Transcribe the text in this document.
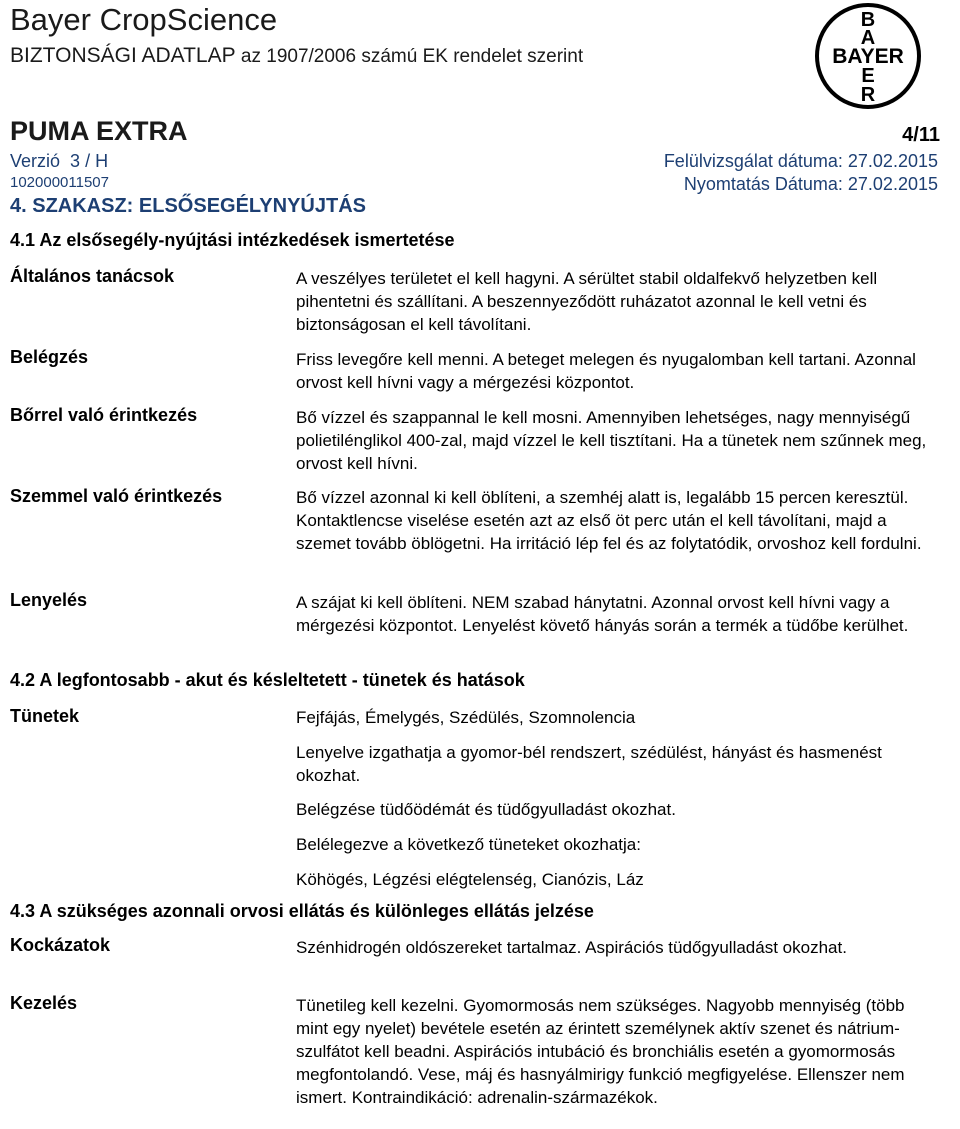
Bayer CropScience
BIZTONSÁGI ADATLAP az 1907/2006 számú EK rendelet szerint
B
A
BAYER
E
R
PUMA EXTRA	4/11
Verzió 3 / H	Felülvizsgálat dátuma: 27.02.2015
102000011507	Nyomtatás Dátuma: 27.02.2015
4. SZAKASZ: ELSŐSEGÉLYNYÚJTÁS
4.1 Az elsősegély-nyújtási intézkedések ismertetése
Általános tanácsok	A veszélyes területet el kell hagyni. A sérültet stabil oldalfekvő helyzetben kell pihentetni és szállítani. A beszennyeződött ruházatot azonnal le kell vetni és biztonságosan el kell távolítani.
Belégzés	Friss levegőre kell menni. A beteget melegen és nyugalomban kell tartani. Azonnal orvost kell hívni vagy a mérgezési központot.
Bőrrel való érintkezés	Bő vízzel és szappannal le kell mosni. Amennyiben lehetséges, nagy mennyiségű polietilénglikol 400-zal, majd vízzel le kell tisztítani. Ha a tünetek nem szűnnek meg, orvost kell hívni.
Szemmel való érintkezés	Bő vízzel azonnal ki kell öblíteni, a szemhéj alatt is, legalább 15 percen keresztül. Kontaktlencse viselése esetén azt az első öt perc után el kell távolítani, majd a szemet tovább öblögetni. Ha irritáció lép fel és az folytatódik, orvoshoz kell fordulni.
Lenyelés	A szájat ki kell öblíteni. NEM szabad hánytatni. Azonnal orvost kell hívni vagy a mérgezési központot. Lenyelést követő hányás során a termék a tüdőbe kerülhet.
4.2 A legfontosabb - akut és késleltetett - tünetek és hatások
Tünetek	Fejfájás, Émelygés, Szédülés, Szomnolencia
Lenyelve izgathatja a gyomor-bél rendszert, szédülést, hányást és hasmenést okozhat.
Belégzése tüdőödémát és tüdőgyulladást okozhat.
Belélegezve a következő tüneteket okozhatja:
Köhögés, Légzési elégtelenség, Cianózis, Láz
4.3 A szükséges azonnali orvosi ellátás és különleges ellátás jelzése
Kockázatok	Szénhidrogén oldószereket tartalmaz. Aspirációs tüdőgyulladást okozhat.
Kezelés	Tünetileg kell kezelni. Gyomormosás nem szükséges. Nagyobb mennyiség (több mint egy nyelet) bevétele esetén az érintett személynek aktív szenet és nátrium-szulfátot kell beadni. Aspirációs intubáció és bronchiális esetén a gyomormosás megfontolandó. Vese, máj és hasnyálmirigy funkció megfigyelése. Ellenszer nem ismert. Kontraindikáció: adrenalin-származékok.
